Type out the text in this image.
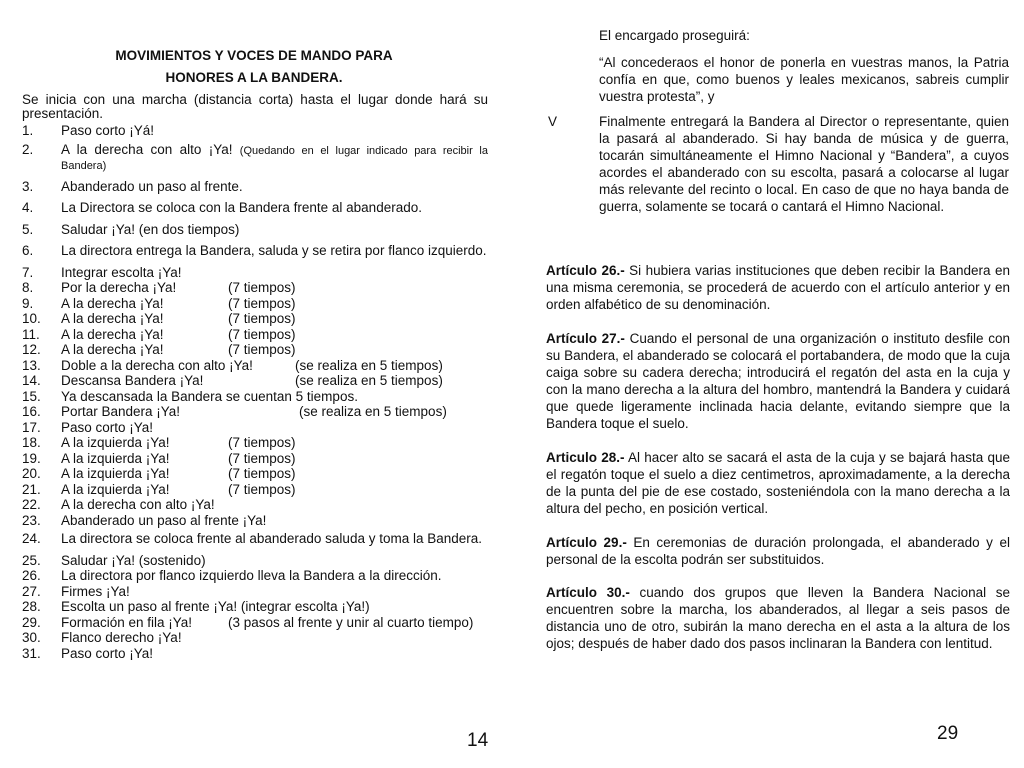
MOVIMIENTOS Y VOCES DE MANDO PARA
HONORES A LA BANDERA.
Se inicia con una marcha (distancia corta) hasta el lugar donde hará su presentación.
1.	Paso corto ¡Yá!
2.	A la derecha con alto ¡Ya! (Quedando en el lugar indicado para recibir la Bandera)
3.	Abanderado un paso al frente.
4.	La Directora se coloca con la Bandera frente al abanderado.
5.	Saludar ¡Ya! (en dos tiempos)
6.	La directora entrega la Bandera, saluda y se retira por flanco izquierdo.
7.	Integrar escolta ¡Ya!
8.	Por la derecha ¡Ya!	(7 tiempos)
9.	A la derecha ¡Ya!	(7 tiempos)
10.	A la derecha ¡Ya!	(7 tiempos)
11.	A la derecha ¡Ya!	(7 tiempos)
12.	A la derecha ¡Ya!	(7 tiempos)
13.	Doble a la derecha con alto ¡Ya!	(se realiza en 5 tiempos)
14.	Descansa Bandera ¡Ya!	(se realiza en 5 tiempos)
15.	Ya descansada la Bandera se cuentan 5 tiempos.
16.	Portar Bandera ¡Ya!	(se realiza en 5 tiempos)
17.	Paso corto ¡Ya!
18.	A la izquierda ¡Ya!	(7 tiempos)
19.	A la izquierda ¡Ya!	(7 tiempos)
20.	A la izquierda ¡Ya!	(7 tiempos)
21.	A la izquierda ¡Ya!	(7 tiempos)
22.	A la derecha con alto ¡Ya!
23.	Abanderado un paso al frente ¡Ya!
24.	La directora se coloca frente al abanderado saluda y toma la Bandera.
25.	Saludar ¡Ya! (sostenido)
26.	La directora por flanco izquierdo lleva la Bandera a la dirección.
27.	Firmes ¡Ya!
28.	Escolta un paso al frente ¡Ya! (integrar escolta ¡Ya!)
29.	Formación en fila ¡Ya!	(3 pasos al frente y unir al cuarto tiempo)
30.	Flanco derecho ¡Ya!
31.	Paso corto ¡Ya!
14

El encargado proseguirá:

“Al concederaos el honor de ponerla en vuestras manos, la Patria confía en que, como buenos y leales mexicanos, sabreis cumplir vuestra protesta”, y

V	Finalmente entregará la Bandera al Director o representante, quien la pasará al abanderado. Si hay banda de música y de guerra, tocarán simultáneamente el Himno Nacional y “Bandera”, a cuyos acordes el abanderado con su escolta, pasará a colocarse al lugar más relevante del recinto o local. En caso de que no haya banda de guerra, solamente se tocará o cantará el Himno Nacional.

Artículo 26.- Si hubiera varias instituciones que deben recibir la Bandera en una misma ceremonia, se procederá de acuerdo con el artículo anterior y en orden alfabético de su denominación.

Artículo 27.- Cuando el personal de una organización o instituto desfile con su Bandera, el abanderado se colocará el portabandera, de modo que la cuja caiga sobre su cadera derecha; introducirá el regatón del asta en la cuja y con la mano derecha a la altura del hombro, mantendrá la Bandera y cuidará que quede ligeramente inclinada hacia delante, evitando siempre que la Bandera toque el suelo.

Articulo 28.- Al hacer alto se sacará el asta de la cuja y se bajará hasta que el regatón toque el suelo a diez centimetros, aproximadamente, a la derecha de la punta del pie de ese costado, sosteniéndola con la mano derecha a la altura del pecho, en posición vertical.

Artículo 29.- En ceremonias de duración prolongada, el abanderado y el personal de la escolta podrán ser substituidos.

Artículo 30.- cuando dos grupos que lleven la Bandera Nacional se encuentren sobre la marcha, los abanderados, al llegar a seis pasos de distancia uno de otro, subirán la mano derecha en el asta a la altura de los ojos; después de haber dado dos pasos inclinaran la Bandera con lentitud.

29
